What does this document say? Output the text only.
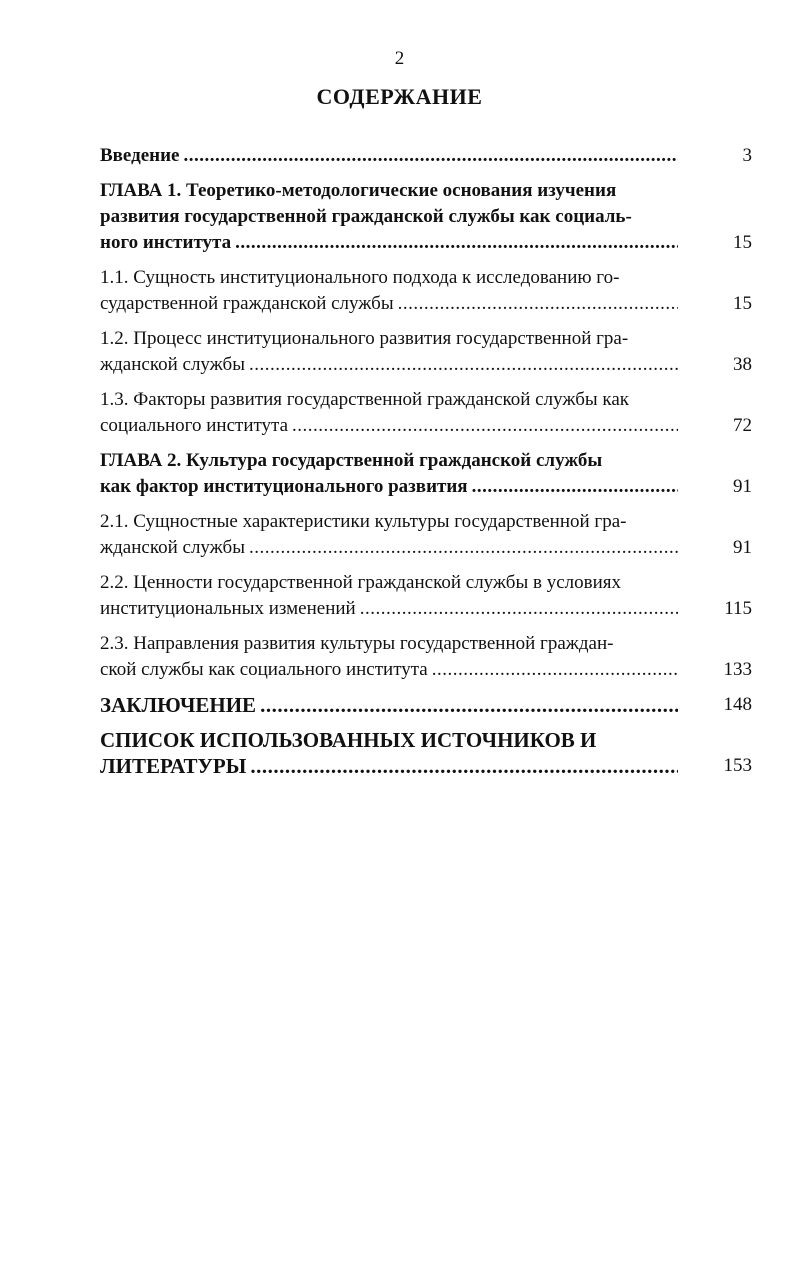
2
СОДЕРЖАНИЕ
Введение .....	3
ГЛАВА 1. Теоретико-методологические основания изучения
развития государственной гражданской службы как социаль-
ного института .....	15
1.1. Сущность институционального подхода к исследованию го-
сударственной гражданской службы .....	15
1.2. Процесс институционального развития государственной гра-
жданской службы .....	38
1.3. Факторы развития государственной гражданской службы как
социального института .....	72
ГЛАВА 2. Культура государственной гражданской службы
как фактор институционального развития .....	91
2.1. Сущностные характеристики культуры государственной гра-
жданской службы .....	91
2.2. Ценности государственной гражданской службы в условиях
институциональных изменений .....	115
2.3. Направления развития культуры государственной граждан-
ской службы как социального института .....	133
ЗАКЛЮЧЕНИЕ .....	148
СПИСОК ИСПОЛЬЗОВАННЫХ ИСТОЧНИКОВ И
ЛИТЕРАТУРЫ .....	153
